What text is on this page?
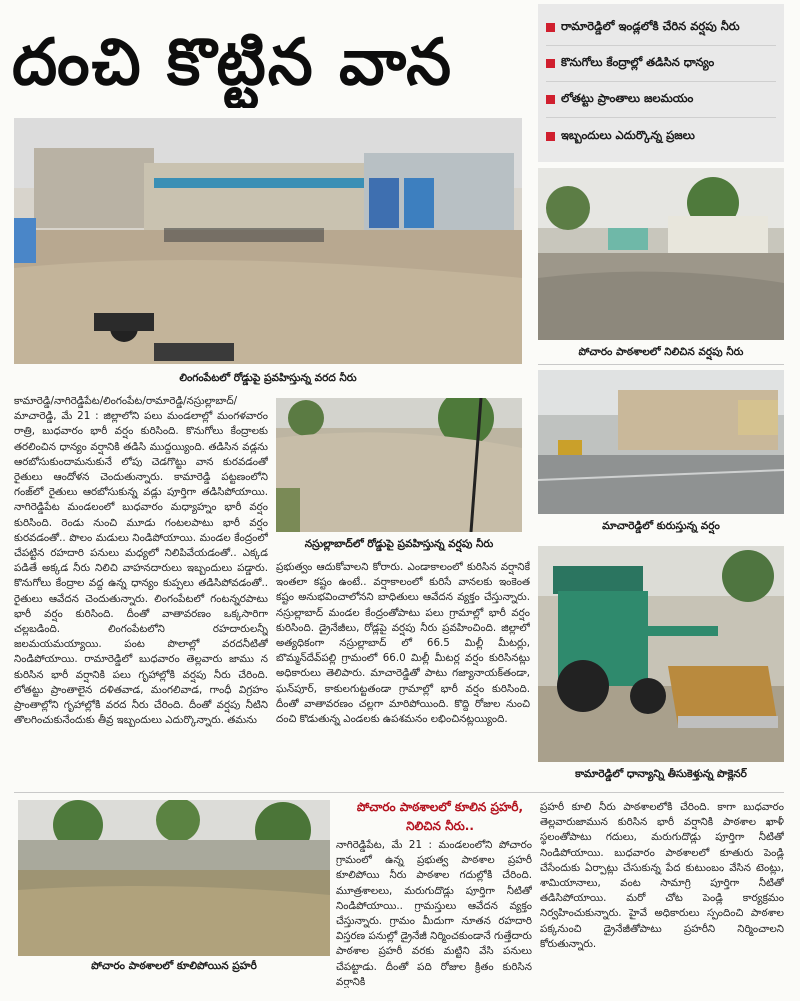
దంచి కొట్టిన వాన	రామారెడ్డిలో ఇండ్లలోకి చేరిన వర్షపు నీరు
కొనుగోలు కేంద్రాల్లో తడిసిన ధాన్యం
లోతట్టు ప్రాంతాలు జలమయం
ఇబ్బందులు ఎదుర్కొన్న ప్రజలు
లింగంపేటలో రోడ్డుపై ప్రవహిస్తున్న వరద నీరు
పోచారం పాఠశాలలో నిలిచిన వర్షపు నీరు
మాచారెడ్డిలో కురుస్తున్న వర్షం
కామారెడ్డిలో ధాన్యాన్ని తీసుకెళ్తున్న పొక్లెనర్
కామారెడ్డి/నాగిరెడ్డిపేట/లింగంపేట/రామారెడ్డి/నస్రుల్లాబాద్/మాచారెడ్డి, మే 21 : జిల్లాలోని పలు మండలాల్లో మంగళవారం రాత్రి, బుధవారం భారీ వర్షం కురిసింది. కొనుగోలు కేంద్రాలకు తరలించిన ధాన్యం వర్షానికి తడిసి ముద్దయ్యింది. తడిసిన వడ్లను ఆరబోసుకుందామనుకునే లోపు చెడగొట్టు వాన కురవడంతో రైతులు ఆందోళన చెందుతున్నారు. కామారెడ్డి పట్టణంలోని గంజ్‌లో రైతులు ఆరబోసుకున్న వడ్లు పూర్తిగా తడిసిపోయాయి. నాగిరెడ్డిపేట మండలంలో బుధవారం మధ్యాహ్నం భారీ వర్షం కురిసింది. రెండు నుంచి మూడు గంటలపాటు భారీ వర్షం కురవడంతో.. పొలం మడులు నిండిపోయాయి. మండల కేంద్రంలో చేపట్టిన రహదారి పనులు మధ్యలో నిలిపివేయడంతో.. ఎక్కడ పడితే అక్కడ నీరు నిలిచి వాహనదారులు ఇబ్బందులు పడ్డారు. కొనుగోలు కేంద్రాల వద్ద ఉన్న ధాన్యం కుప్పలు తడిసిపోవడంతో.. రైతులు ఆవేదన చెందుతున్నారు. లింగంపేటలో గంటన్నరపాటు భారీ వర్షం కురిసింది. దీంతో వాతావరణం ఒక్కసారిగా చల్లబడింది. లింగంపేటలోని రహదారులన్నీ జలమయమయ్యాయి. పంట పొలాల్లో వరదనీటితో నిండిపోయాయి. రామారెడ్డిలో బుధవారం తెల్లవారు జాము న కురిసిన భారీ వర్షానికి పలు గృహాల్లోకి వర్షపు నీరు చేరింది. లోతట్టు ప్రాంతాలైన దళితవాడ, మంగలివాడ, గాంధీ విగ్రహం ప్రాంతాల్లోని గృహాల్లోకి వరద నీరు చేరింది. దీంతో వర్షపు నీటిని తొలగించుకునేందుకు తీవ్ర ఇబ్బందులు ఎదుర్కొన్నారు. తమను
నస్రుల్లాబాద్‌లో రోడ్డుపై ప్రవహిస్తున్న వర్షపు నీరు
ప్రభుత్వం ఆదుకోవాలని కోరారు. ఎండాకాలంలో కురిసిన వర్షానికే ఇంతలా కష్టం ఉంటే.. వర్షాకాలంలో కురిసే వానలకు ఇంకెంత కష్టం అనుభవించాలోనని బాధితులు ఆవేదన వ్యక్తం చేస్తున్నారు. నస్రుల్లాబాద్ మండల కేంద్రంతోపాటు పలు గ్రామాల్లో భారీ వర్షం కురిసింది. డ్రైనేజీలు, రోడ్లపై వర్షపు నీరు ప్రవహించింది. జిల్లాలో అత్యధికంగా నస్రుల్లాబాద్ లో 66.5 మిల్లీ మీటర్లు, బొమ్మన్‌దేవ్‌పల్లి గ్రామంలో 66.0 మిల్లీ మీటర్ల వర్షం కురిసినట్లు అధికారులు తెలిపారు. మాచారెడ్డితో పాటు గజ్యానాయక్‌తండా, ఘన్‌పూర్, కాకులగుట్టతండా గ్రామాల్లో భారీ వర్షం కురిసింది. దీంతో వాతావరణం చల్లగా మారిపోయింది. కొద్ది రోజుల నుంచి దంచి కొడుతున్న ఎండలకు ఉపశమనం లభించినట్లయ్యింది.
పోచారం పాఠశాలలో కూలిపోయిన ప్రహరీ
పోచారం పాఠశాలలో కూలిన ప్రహరీ,
నిలిచిన నీరు..
నాగిరెడ్డిపేట, మే 21 : మండలంలోని పోచారం గ్రామంలో ఉన్న ప్రభుత్వ పాఠశాల ప్రహరీ కూలిపోయి నీరు పాఠశాల గదుల్లోకి చేరింది. మూత్రశాలలు, మరుగుదొడ్లు పూర్తిగా నీటితో నిండిపోయాయి.. గ్రామస్తులు ఆవేదన వ్యక్తం చేస్తున్నారు. గ్రామం మీదుగా నూతన రహదారి విస్తరణ పనుల్లో డ్రైనేజీ నిర్మించకుండానే గుత్తేదారు పాఠశాల ప్రహరీ వరకు మట్టిని వేసి పనులు చేపట్టాడు. దీంతో పది రోజుల క్రితం కురిసిన వర్షానికి
ప్రహరీ కూలి నీరు పాఠశాలలోకి చేరింది. కాగా బుధవారం తెల్లవారుజామున కురిసిన భారీ వర్షానికి పాఠశాల ఖాళీ స్థలంతోపాటు గదులు, మరుగుదొడ్లు పూర్తిగా నీటితో నిండిపోయాయి. బుధవారం పాఠశాలలో కూతురు పెండ్లి చేసేందుకు ఏర్పాట్లు చేసుకున్న పేద కుటుంబం వేసిన టెంట్లు, శామియానాలు, వంట సామాగ్రి పూర్తిగా నీటితో తడిసిపోయాయి. మరో చోట పెండ్లి కార్యక్రమం నిర్వహించుకున్నారు. హైవే అధికారులు స్పందించి పాఠశాల పక్కనుంచి డ్రైనేజీతోపాటు ప్రహరీని నిర్మించాలని కోరుతున్నారు.
